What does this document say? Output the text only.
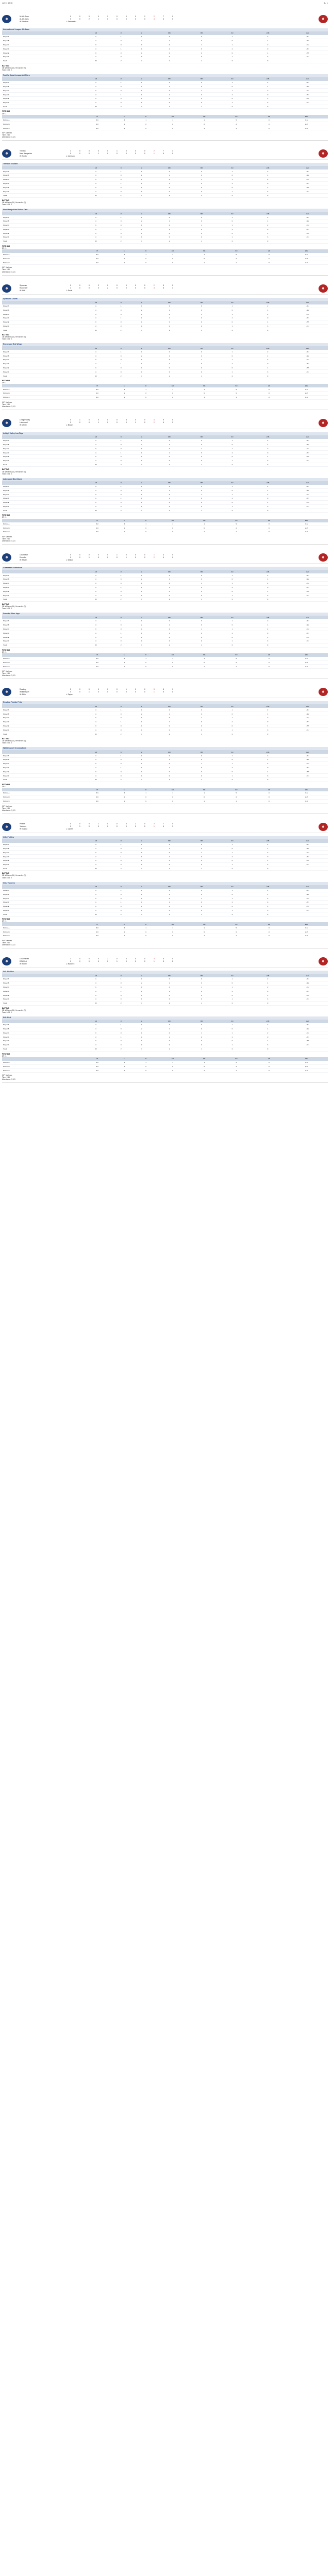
Jul 11 2016	1 / 1
⚾
NL All-Stars	0	0	0	0	1	0	0	0	1	2	7	0
AL All-Stars	0	0	2	1	0	0	0	0	X	4	6	0
W: Ventura	L: Fernandez
⚾
International League All-Stars
	AB	R	H	RBI	BB	SO	LOB	AVG
Player A	4	1	1	0	0	1	2	.281
Player B	4	0	2	1	0	0	1	.302
Player C	3	0	0	0	1	1	2	.244
Player D	4	1	1	1	0	2	0	.267
Player E	3	0	1	0	0	0	1	.255
Player F	4	0	0	0	0	1	3	.231
Totals	32	2	7	2	1	6	9	
BATTING
2B: Williams (14), Hernandez (9).
Team LOB: 9.
Pacific Coast League All-Stars
	AB	R	H	RBI	BB	SO	LOB	AVG
Player A	4	1	1	0	0	1	2	.281
Player B	4	0	2	1	0	0	1	.302
Player C	3	0	0	0	1	1	2	.244
Player D	4	1	1	1	0	2	0	.267
Player E	3	0	1	0	0	0	1	.255
Player F	4	0	0	0	0	1	3	.231
Totals	32	2	7	2	1	6	9	
PITCHING
DP: 1.
	IP	H	R	ER	BB	SO	HR	ERA
Pitcher A	5.0	3	1	1	1	5	0	3.12
Pitcher B	2.0	1	0	0	0	2	0	2.45
Pitcher C	2.0	1	0	0	1	1	0	4.10
WP: Martinez.
Time: 2:46
Attendance: 7,421
⚾
Trenton	1	0	0	0	0	1	0	0	0	2	7	1
New Hampshire	0	0	0	1	0	0	0	0	0	1	5	0
W: Smith	L: Johnson
⚾
Trenton Thunder
	AB	R	H	RBI	BB	SO	LOB	AVG
Player A	4	1	1	0	0	1	2	.281
Player B	4	0	2	1	0	0	1	.302
Player C	3	0	0	0	1	1	2	.244
Player D	4	1	1	1	0	2	0	.267
Player E	3	0	1	0	0	0	1	.255
Player F	4	0	0	0	0	1	3	.231
Totals	32	2	7	2	1	6	9	
BATTING
2B: Williams (14), Hernandez (9).
Team LOB: 9.
New Hampshire Fisher Cats
	AB	R	H	RBI	BB	SO	LOB	AVG
Player A	4	1	1	0	0	1	2	.281
Player B	4	0	2	1	0	0	1	.302
Player C	3	0	0	0	1	1	2	.244
Player D	4	1	1	1	0	2	0	.267
Player E	3	0	1	0	0	0	1	.255
Player F	4	0	0	0	0	1	3	.231
Totals	32	2	7	2	1	6	9	
PITCHING
DP: 1.
	IP	H	R	ER	BB	SO	HR	ERA
Pitcher A	5.0	3	1	1	1	5	0	3.12
Pitcher B	2.0	1	0	0	0	2	0	2.45
Pitcher C	2.0	1	0	0	1	1	0	4.10
WP: Martinez.
Time: 2:46
Attendance: 7,421
⚾
Syracuse	0	0	0	2	0	0	0	0	0	2	5	0
Rochester	1	0	0	0	2	0	0	0	X	3	8	1
W: Hall	L: Davis
⚾
Syracuse Chiefs
	AB	R	H	RBI	BB	SO	LOB	AVG
Player A	4	1	1	0	0	1	2	.281
Player B	4	0	2	1	0	0	1	.302
Player C	3	0	0	0	1	1	2	.244
Player D	4	1	1	1	0	2	0	.267
Player E	3	0	1	0	0	0	1	.255
Player F	4	0	0	0	0	1	3	.231
Totals	32	2	7	2	1	6	9	
BATTING
2B: Williams (14), Hernandez (9).
Team LOB: 9.
Rochester Red Wings
	AB	R	H	RBI	BB	SO	LOB	AVG
Player A	4	1	1	0	0	1	2	.281
Player B	4	0	2	1	0	0	1	.302
Player C	3	0	0	0	1	1	2	.244
Player D	4	1	1	1	0	2	0	.267
Player E	3	0	1	0	0	0	1	.255
Player F	4	0	0	0	0	1	3	.231
Totals	32	2	7	2	1	6	9	
PITCHING
DP: 1.
	IP	H	R	ER	BB	SO	HR	ERA
Pitcher A	5.0	3	1	1	1	5	0	3.12
Pitcher B	2.0	1	0	0	0	2	0	2.45
Pitcher C	2.0	1	0	0	1	1	0	4.10
WP: Martinez.
Time: 2:46
Attendance: 7,421
⚾
Lehigh Valley	0	1	0	0	0	0	3	0	0	4	9	0
Lakewood	0	0	0	1	0	0	0	1	0	2	6	2
W: Lively	L: Brown
⚾
Lehigh Valley IronPigs
	AB	R	H	RBI	BB	SO	LOB	AVG
Player A	4	1	1	0	0	1	2	.281
Player B	4	0	2	1	0	0	1	.302
Player C	3	0	0	0	1	1	2	.244
Player D	4	1	1	1	0	2	0	.267
Player E	3	0	1	0	0	0	1	.255
Player F	4	0	0	0	0	1	3	.231
Totals	32	2	7	2	1	6	9	
BATTING
2B: Williams (14), Hernandez (9).
Team LOB: 9.
Lakewood BlueClaws
	AB	R	H	RBI	BB	SO	LOB	AVG
Player A	4	1	1	0	0	1	2	.281
Player B	4	0	2	1	0	0	1	.302
Player C	3	0	0	0	1	1	2	.244
Player D	4	1	1	1	0	2	0	.267
Player E	3	0	1	0	0	0	1	.255
Player F	4	0	0	0	0	1	3	.231
Totals	32	2	7	2	1	6	9	
PITCHING
DP: 1.
	IP	H	R	ER	BB	SO	HR	ERA
Pitcher A	5.0	3	1	1	1	5	0	3.12
Pitcher B	2.0	1	0	0	0	2	0	2.45
Pitcher C	2.0	1	0	0	1	1	0	4.10
WP: Martinez.
Time: 2:46
Attendance: 7,421
⚾
Clearwater	0	0	0	0	0	1	0	0	0	1	4	0
Dunedin	0	0	1	0	0	0	1	0	X	2	6	0
W: Martin	L: Wilson
⚾
Clearwater Threshers
	AB	R	H	RBI	BB	SO	LOB	AVG
Player A	4	1	1	0	0	1	2	.281
Player B	4	0	2	1	0	0	1	.302
Player C	3	0	0	0	1	1	2	.244
Player D	4	1	1	1	0	2	0	.267
Player E	3	0	1	0	0	0	1	.255
Player F	4	0	0	0	0	1	3	.231
Totals	32	2	7	2	1	6	9	
BATTING
2B: Williams (14), Hernandez (9).
Team LOB: 9.
Dunedin Blue Jays
	AB	R	H	RBI	BB	SO	LOB	AVG
Player A	4	1	1	0	0	1	2	.281
Player B	4	0	2	1	0	0	1	.302
Player C	3	0	0	0	1	1	2	.244
Player D	4	1	1	1	0	2	0	.267
Player E	3	0	1	0	0	0	1	.255
Player F	4	0	0	0	0	1	3	.231
Totals	32	2	7	2	1	6	9	
PITCHING
DP: 1.
	IP	H	R	ER	BB	SO	HR	ERA
Pitcher A	5.0	3	1	1	1	5	0	3.12
Pitcher B	2.0	1	0	0	0	2	0	2.45
Pitcher C	2.0	1	0	0	1	1	0	4.10
WP: Martinez.
Time: 2:46
Attendance: 7,421
⚾
Reading	2	0	0	0	0	0	1	0	0	3	8	1
Williamsport	0	0	1	0	0	0	0	0	0	1	5	0
W: Eflin	L: Taylor
⚾
Reading Fightin Phils
	AB	R	H	RBI	BB	SO	LOB	AVG
Player A	4	1	1	0	0	1	2	.281
Player B	4	0	2	1	0	0	1	.302
Player C	3	0	0	0	1	1	2	.244
Player D	4	1	1	1	0	2	0	.267
Player E	3	0	1	0	0	0	1	.255
Player F	4	0	0	0	0	1	3	.231
Totals	32	2	7	2	1	6	9	
BATTING
2B: Williams (14), Hernandez (9).
Team LOB: 9.
Williamsport Crosscutters
	AB	R	H	RBI	BB	SO	LOB	AVG
Player A	4	1	1	0	0	1	2	.281
Player B	4	0	2	1	0	0	1	.302
Player C	3	0	0	0	1	1	2	.244
Player D	4	1	1	1	0	2	0	.267
Player E	3	0	1	0	0	0	1	.255
Player F	4	0	0	0	0	1	3	.231
Totals	32	2	7	2	1	6	9	
PITCHING
DP: 1.
	IP	H	R	ER	BB	SO	HR	ERA
Pitcher A	5.0	3	1	1	1	5	0	3.12
Pitcher B	2.0	1	0	0	0	2	0	2.45
Pitcher C	2.0	1	0	0	1	1	0	4.10
WP: Martinez.
Time: 2:46
Attendance: 7,421
⚾
Phillies	0	0	0	1	0	0	0	2	0	3	7	0
Yankees	0	1	0	0	0	0	0	0	0	1	4	1
W: Garcia	L: Lopez
⚾
GCL Phillies
	AB	R	H	RBI	BB	SO	LOB	AVG
Player A	4	1	1	0	0	1	2	.281
Player B	4	0	2	1	0	0	1	.302
Player C	3	0	0	0	1	1	2	.244
Player D	4	1	1	1	0	2	0	.267
Player E	3	0	1	0	0	0	1	.255
Player F	4	0	0	0	0	1	3	.231
Totals	32	2	7	2	1	6	9	
BATTING
2B: Williams (14), Hernandez (9).
Team LOB: 9.
GCL Yankees
	AB	R	H	RBI	BB	SO	LOB	AVG
Player A	4	1	1	0	0	1	2	.281
Player B	4	0	2	1	0	0	1	.302
Player C	3	0	0	0	1	1	2	.244
Player D	4	1	1	1	0	2	0	.267
Player E	3	0	1	0	0	0	1	.255
Player F	4	0	0	0	0	1	3	.231
Totals	32	2	7	2	1	6	9	
PITCHING
DP: 1.
	IP	H	R	ER	BB	SO	HR	ERA
Pitcher A	5.0	3	1	1	1	5	0	3.12
Pitcher B	2.0	1	0	0	0	2	0	2.45
Pitcher C	2.0	1	0	0	1	1	0	4.10
WP: Martinez.
Time: 2:46
Attendance: 7,421
⚾
DSL Phillies	1	0	0	0	2	0	0	0	0	3	6	0
DSL Red	0	0	0	0	0	1	0	0	0	1	3	2
W: Perez	L: Ramirez
⚾
DSL Phillies
	AB	R	H	RBI	BB	SO	LOB	AVG
Player A	4	1	1	0	0	1	2	.281
Player B	4	0	2	1	0	0	1	.302
Player C	3	0	0	0	1	1	2	.244
Player D	4	1	1	1	0	2	0	.267
Player E	3	0	1	0	0	0	1	.255
Player F	4	0	0	0	0	1	3	.231
Totals	32	2	7	2	1	6	9	
BATTING
2B: Williams (14), Hernandez (9).
Team LOB: 9.
DSL Red
	AB	R	H	RBI	BB	SO	LOB	AVG
Player A	4	1	1	0	0	1	2	.281
Player B	4	0	2	1	0	0	1	.302
Player C	3	0	0	0	1	1	2	.244
Player D	4	1	1	1	0	2	0	.267
Player E	3	0	1	0	0	0	1	.255
Player F	4	0	0	0	0	1	3	.231
Totals	32	2	7	2	1	6	9	
PITCHING
DP: 1.
	IP	H	R	ER	BB	SO	HR	ERA
Pitcher A	5.0	3	1	1	1	5	0	3.12
Pitcher B	2.0	1	0	0	0	2	0	2.45
Pitcher C	2.0	1	0	0	1	1	0	4.10
WP: Martinez.
Time: 2:46
Attendance: 7,421
